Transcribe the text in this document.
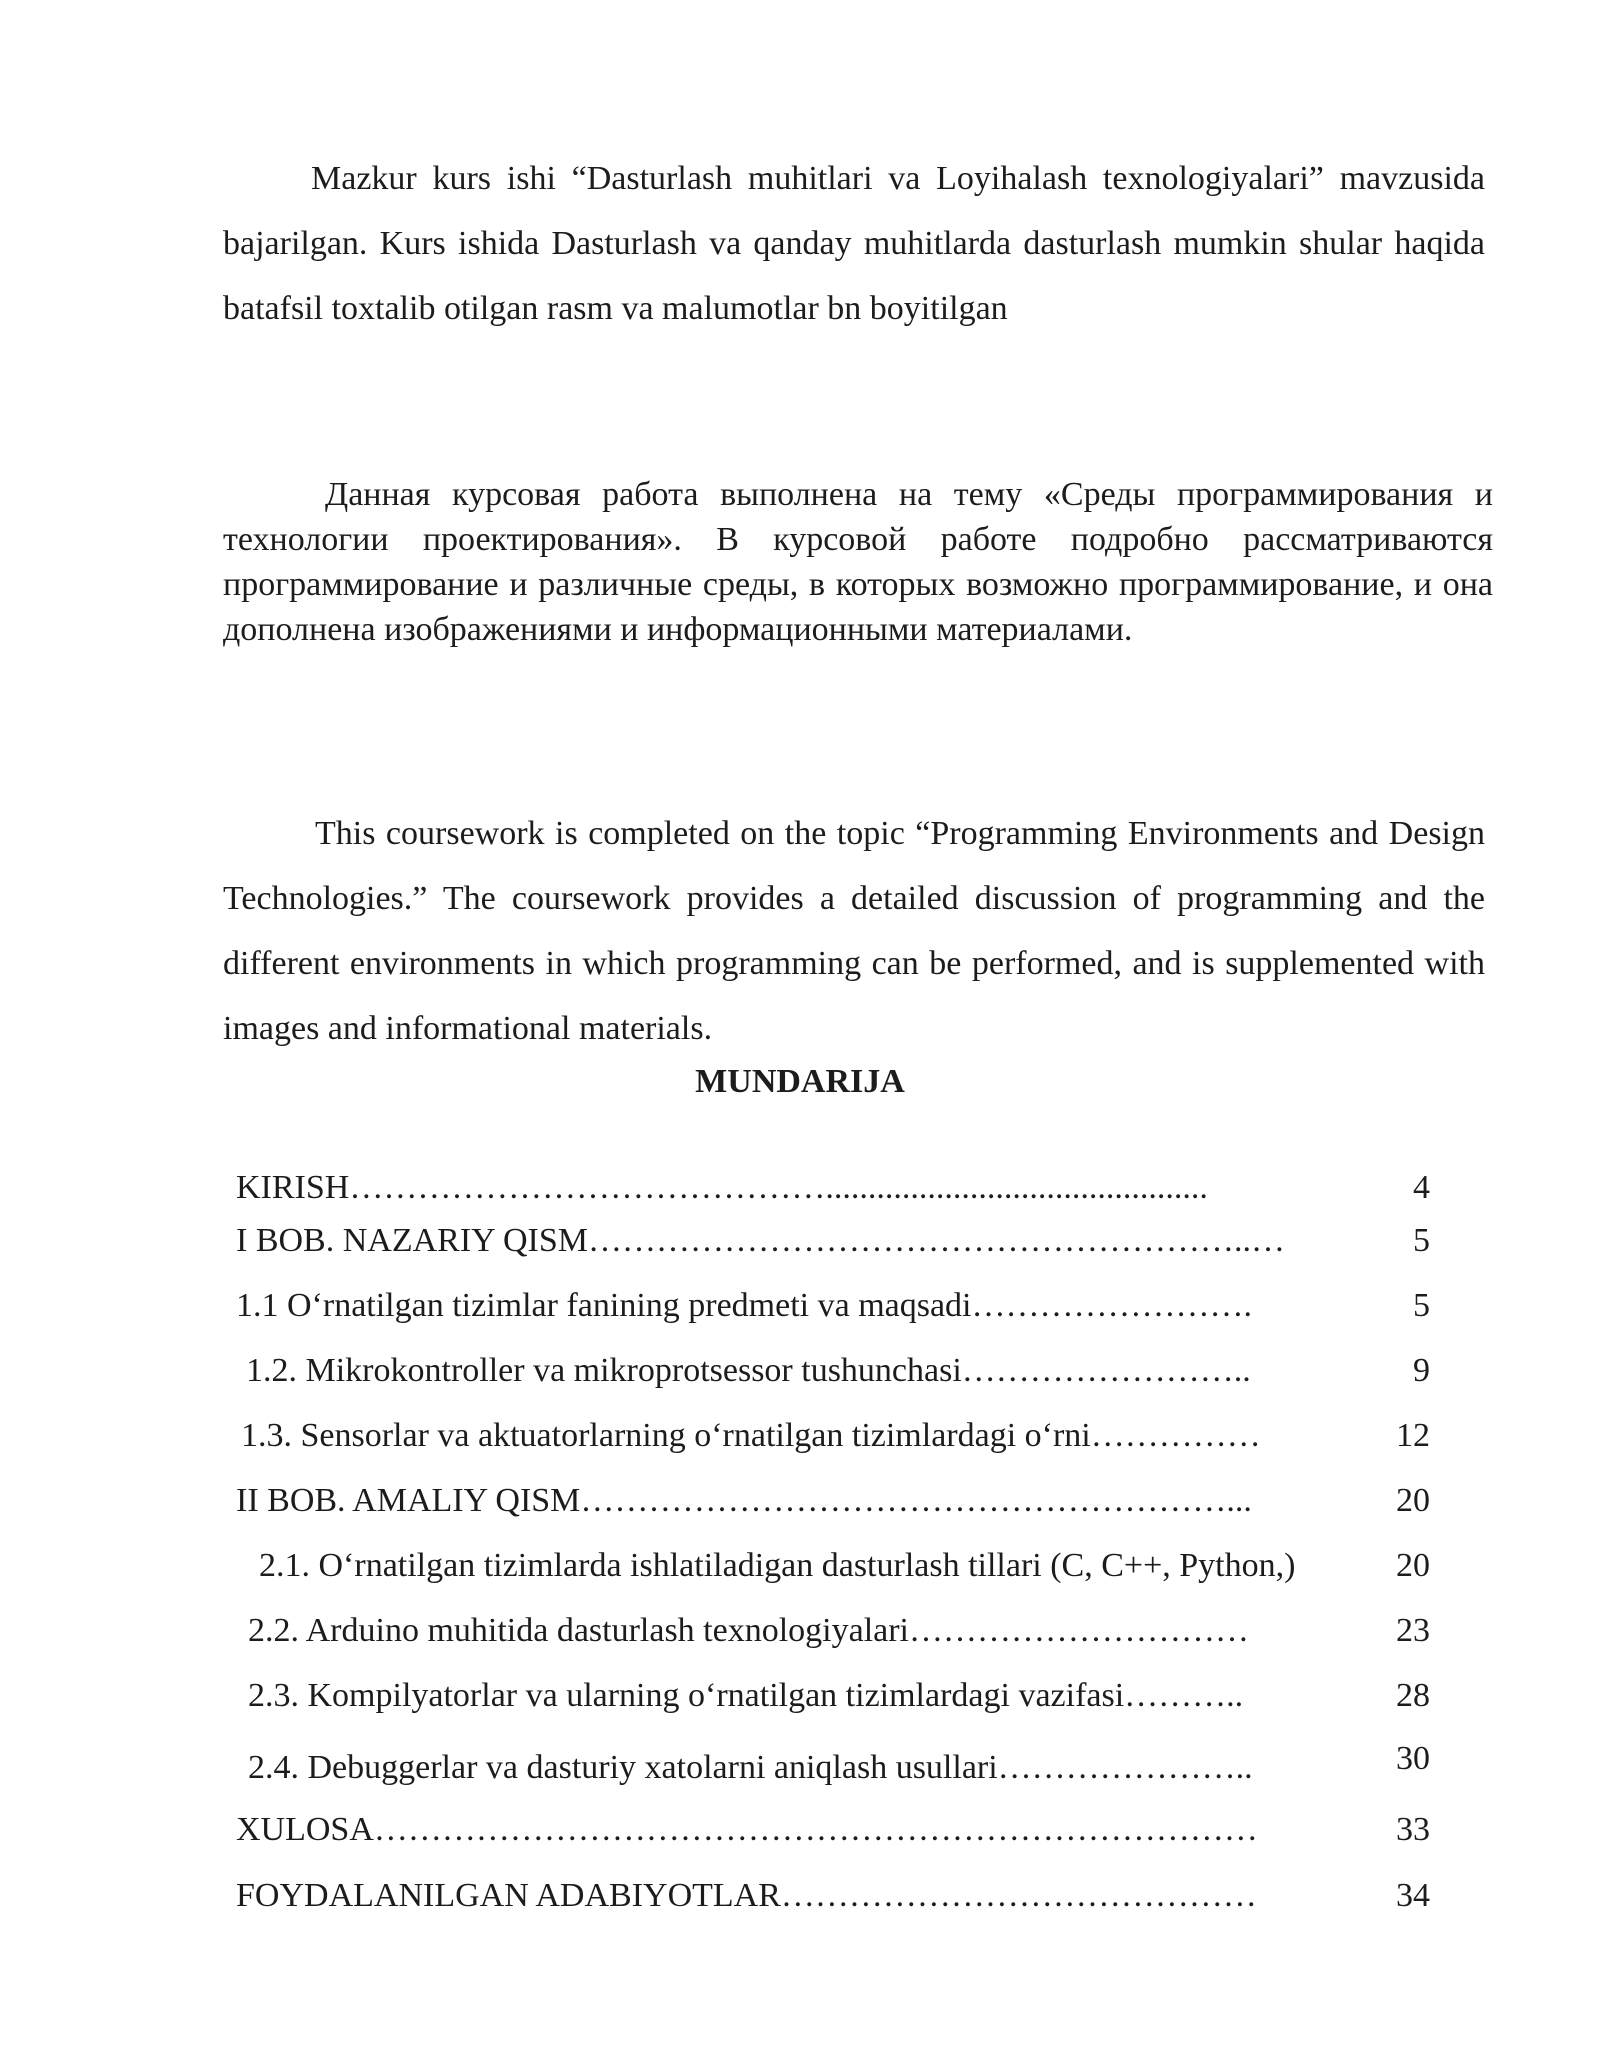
Mazkur kurs ishi “Dasturlash muhitlari va Loyihalash texnologiyalari” mavzusida bajarilgan. Kurs ishida Dasturlash va qanday muhitlarda dasturlash mumkin shular haqida batafsil toxtalib otilgan rasm va malumotlar bn boyitilgan

Данная курсовая работа выполнена на тему «Среды программирования и технологии проектирования». В курсовой работе подробно рассматриваются программирование и различные среды, в которых возможно программирование, и она дополнена изображениями и информационными материалами.

This coursework is completed on the topic “Programming Environments and Design Technologies.” The coursework provides a detailed discussion of programming and the different environments in which programming can be performed, and is supplemented with images and informational materials.

MUNDARIJA
KIRISH…………………………………….............................................	4
I BOB. NAZARIY QISM…………………………………………………..…	5
1.1 O‘rnatilgan tizimlar fanining predmeti va maqsadi…………………….	5
1.2. Mikrokontroller va mikroprotsessor tushunchasi……………………..	9
1.3. Sensorlar va aktuatorlarning o‘rnatilgan tizimlardagi o‘rni……………	12
II BOB. AMALIY QISM…………………………………………………...	20
2.1. O‘rnatilgan tizimlarda ishlatiladigan dasturlash tillari (C, C++, Python,)	20
2.2. Arduino muhitida dasturlash texnologiyalari…………………………	23
2.3. Kompilyatorlar va ularning o‘rnatilgan tizimlardagi vazifasi………..	28
2.4. Debuggerlar va dasturiy xatolarni aniqlash usullari…………………..	30
XULOSA……………………………………………………………………	33
FOYDALANILGAN ADABIYOTLAR……………………………………	34
